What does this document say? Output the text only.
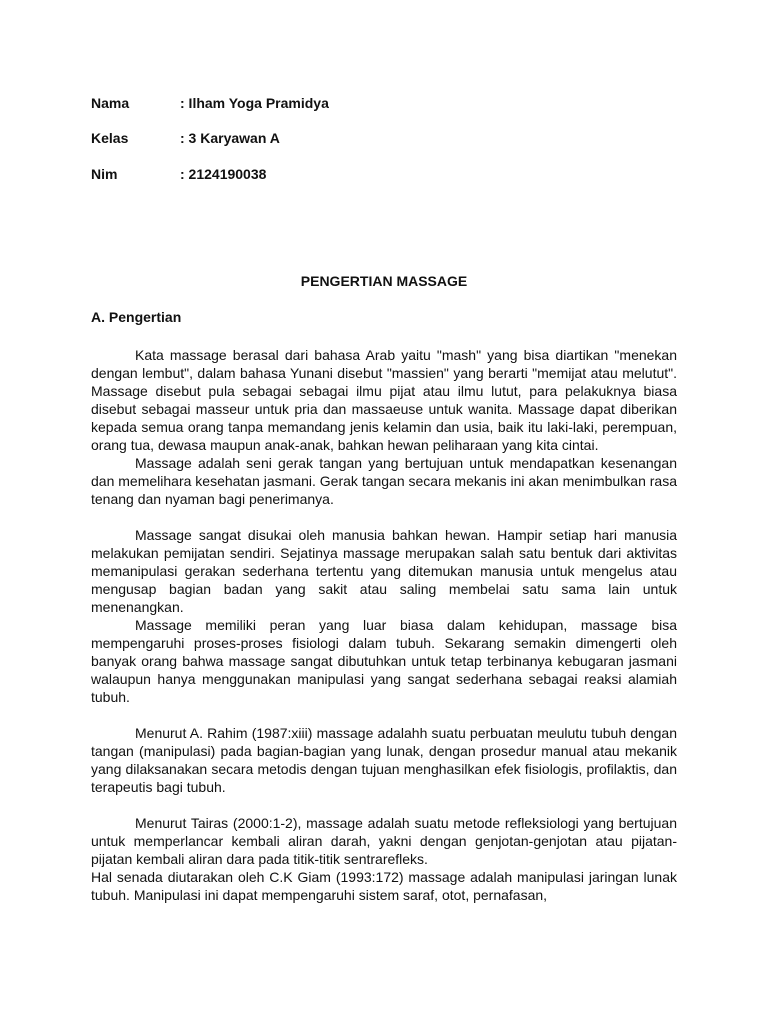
Nama	: Ilham Yoga Pramidya
Kelas	: 3 Karyawan A
Nim	: 2124190038
PENGERTIAN MASSAGE
A. Pengertian

Kata massage berasal dari bahasa Arab yaitu "mash" yang bisa diartikan "menekan dengan lembut", dalam bahasa Yunani disebut "massien" yang berarti "memijat atau melutut". Massage disebut pula sebagai sebagai ilmu pijat atau ilmu lutut, para pelakuknya biasa disebut sebagai masseur untuk pria dan massaeuse untuk wanita. Massage dapat diberikan kepada semua orang tanpa memandang jenis kelamin dan usia, baik itu laki-laki, perempuan, orang tua, dewasa maupun anak-anak, bahkan hewan peliharaan yang kita cintai.

Massage adalah seni gerak tangan yang bertujuan untuk mendapatkan kesenangan dan memelihara kesehatan jasmani. Gerak tangan secara mekanis ini akan menimbulkan rasa tenang dan nyaman bagi penerimanya.

Massage sangat disukai oleh manusia bahkan hewan. Hampir setiap hari manusia melakukan pemijatan sendiri. Sejatinya massage merupakan salah satu bentuk dari aktivitas memanipulasi gerakan sederhana tertentu yang ditemukan manusia untuk mengelus atau mengusap bagian badan yang sakit atau saling membelai satu sama lain untuk menenangkan.

Massage memiliki peran yang luar biasa dalam kehidupan, massage bisa mempengaruhi proses-proses fisiologi dalam tubuh. Sekarang semakin dimengerti oleh banyak orang bahwa massage sangat dibutuhkan untuk tetap terbinanya kebugaran jasmani walaupun hanya menggunakan manipulasi yang sangat sederhana sebagai reaksi alamiah tubuh.

Menurut A. Rahim (1987:xiii) massage adalahh suatu perbuatan meulutu tubuh dengan tangan (manipulasi) pada bagian-bagian yang lunak, dengan prosedur manual atau mekanik yang dilaksanakan secara metodis dengan tujuan menghasilkan efek fisiologis, profilaktis, dan terapeutis bagi tubuh.

Menurut Tairas (2000:1-2), massage adalah suatu metode refleksiologi yang bertujuan untuk memperlancar kembali aliran darah, yakni dengan genjotan-genjotan atau pijatan-pijatan kembali aliran dara pada titik-titik sentrarefleks.

Hal senada diutarakan oleh C.K Giam (1993:172) massage adalah manipulasi jaringan lunak tubuh. Manipulasi ini dapat mempengaruhi sistem saraf, otot, pernafasan,
